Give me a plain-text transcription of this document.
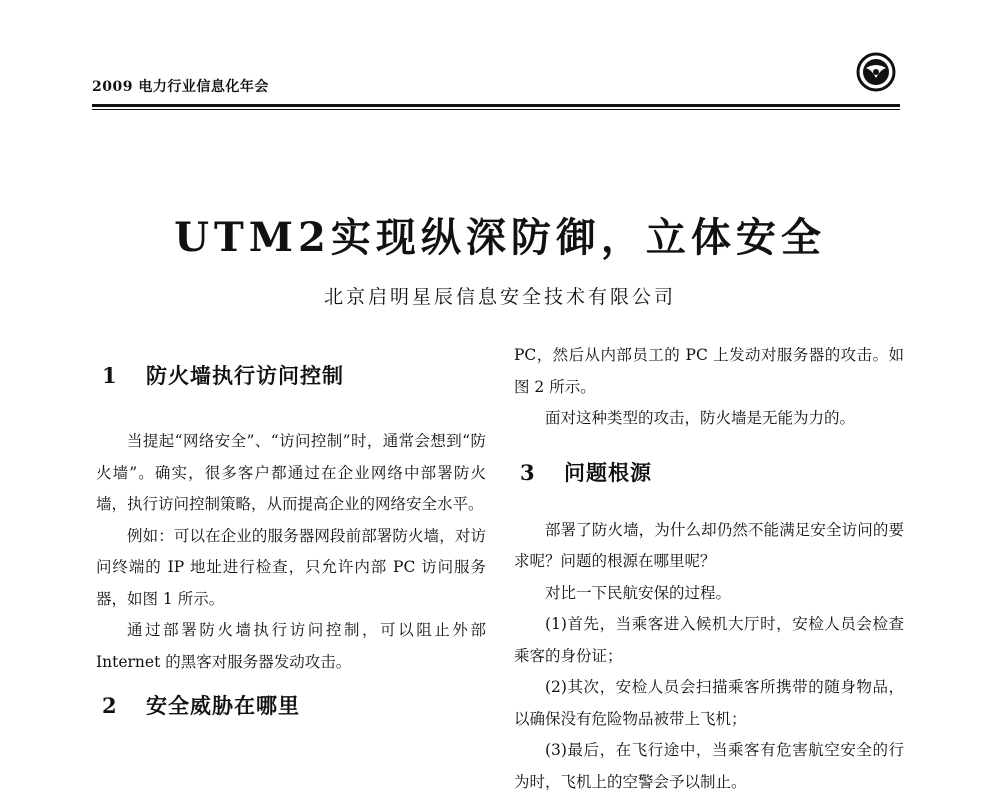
2009 电力行业信息化年会
UTM2实现纵深防御，立体安全
北京启明星辰信息安全技术有限公司
1	防火墙执行访问控制

当提起“网络安全”、“访问控制”时，通常会想到“防火墙”。确实，很多客户都通过在企业网络中部署防火墙，执行访问控制策略，从而提高企业的网络安全水平。

例如：可以在企业的服务器网段前部署防火墙，对访问终端的 IP 地址进行检查，只允许内部 PC 访问服务器，如图 1 所示。

通过部署防火墙执行访问控制，可以阻止外部 Internet 的黑客对服务器发动攻击。

2	安全威胁在哪里

PC，然后从内部员工的 PC 上发动对服务器的攻击。如图 2 所示。

面对这种类型的攻击，防火墙是无能为力的。

3	问题根源

部署了防火墙，为什么却仍然不能满足安全访问的要求呢？问题的根源在哪里呢？

对比一下民航安保的过程。

(1)首先，当乘客进入候机大厅时，安检人员会检查乘客的身份证；

(2)其次，安检人员会扫描乘客所携带的随身物品，以确保没有危险物品被带上飞机；

(3)最后，在飞行途中，当乘客有危害航空安全的行为时，飞机上的空警会予以制止。
